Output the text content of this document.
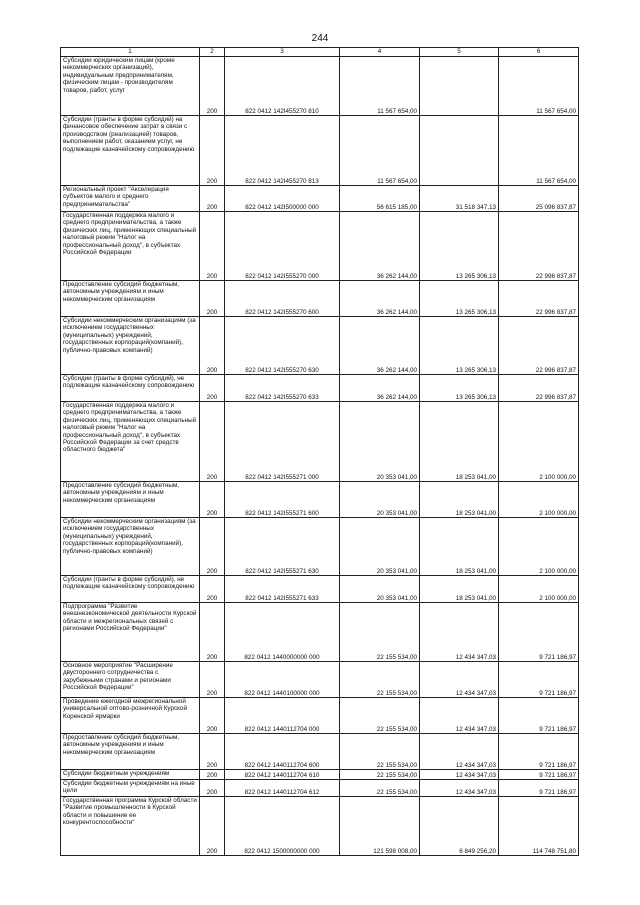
244
1	2	3	4	5	6
Субсидии юридическим лицам (кроме некоммерческих организаций), индивидуальным предпринимателям, физическим лицам - производителям товаров, работ, услуг	200	822 0412 142I455270 810	11 567 654,00		11 567 654,00
Субсидии (гранты в форме субсидий) на финансовое обеспечение затрат в связи с производством (реализацией) товаров, выполнением работ, оказанием услуг, не подлежащие казначейскому сопровождению	200	822 0412 142I455270 813	11 567 654,00		11 567 654,00
Региональный проект "Акселерация субъектов малого и среднего предпринимательства"	200	822 0412 142I500000 000	56 615 185,00	31 518 347,13	25 096 837,87
Государственная поддержка малого и среднего предпринимательства, а также физических лиц, применяющих специальный налоговый режим "Налог на профессиональный доход", в субъектах Российской Федерации	200	822 0412 142I555270 000	36 262 144,00	13 265 306,13	22 996 837,87
Предоставление субсидий бюджетным, автономным учреждениям и иным некоммерческим организациям	200	822 0412 142I555270 600	36 262 144,00	13 265 306,13	22 996 837,87
Субсидии некоммерческим организациям (за исключением государственных (муниципальных) учреждений, государственных корпораций(компаний), публично-правовых компаний)	200	822 0412 142I555270 630	36 262 144,00	13 265 306,13	22 996 837,87
Субсидии (гранты в форме субсидий), не подлежащие казначейскому сопровождению	200	822 0412 142I555270 633	36 262 144,00	13 265 306,13	22 996 837,87
Государственная поддержка малого и среднего предпринимательства, а также физических лиц, применяющих специальный налоговый режим "Налог на профессиональный доход", в субъектах Российской Федерации за счет средств областного бюджета"	200	822 0412 142I555271 000	20 353 041,00	18 253 041,00	2 100 000,00
Предоставление субсидий бюджетным, автономным учреждениям и иным некоммерческим организациям	200	822 0412 142I555271 600	20 353 041,00	18 253 041,00	2 100 000,00
Субсидии некоммерческим организациям (за исключением государственных (муниципальных) учреждений, государственных корпораций(компаний), публично-правовых компаний)	200	822 0412 142I555271 630	20 353 041,00	18 253 041,00	2 100 000,00
Субсидии (гранты в форме субсидий), не подлежащие казначейскому сопровождению	200	822 0412 142I555271 633	20 353 041,00	18 253 041,00	2 100 000,00
Подпрограмма "Развитие внешнеэкономической деятельности Курской области и межрегиональных связей с регионами Российской Федерации"	200	822 0412 1440000000 000	22 155 534,00	12 434 347,03	9 721 186,97
Основное мероприятие "Расширение двустороннего сотрудничества с зарубежными странами и регионами Российской Федерации"	200	822 0412 1440100000 000	22 155 534,00	12 434 347,03	9 721 186,97
Проведение ежегодной межрегиональной универсальной оптово-розничной Курской Коренской ярмарки	200	822 0412 1440112704 000	22 155 534,00	12 434 347,03	9 721 186,97
Предоставление субсидий бюджетным, автономным учреждениям и иным некоммерческим организациям	200	822 0412 1440112704 600	22 155 534,00	12 434 347,03	9 721 186,97
Субсидии бюджетным учреждениям	200	822 0412 1440112704 610	22 155 534,00	12 434 347,03	9 721 186,97
Субсидии бюджетным учреждениям на иные цели	200	822 0412 1440112704 612	22 155 534,00	12 434 347,03	9 721 186,97
Государственная программа Курской области "Развитие промышленности в Курской области и повышение ее конкурентоспособности"	200	822 0412 1500000000 000	121 598 008,00	6 849 256,20	114 748 751,80
